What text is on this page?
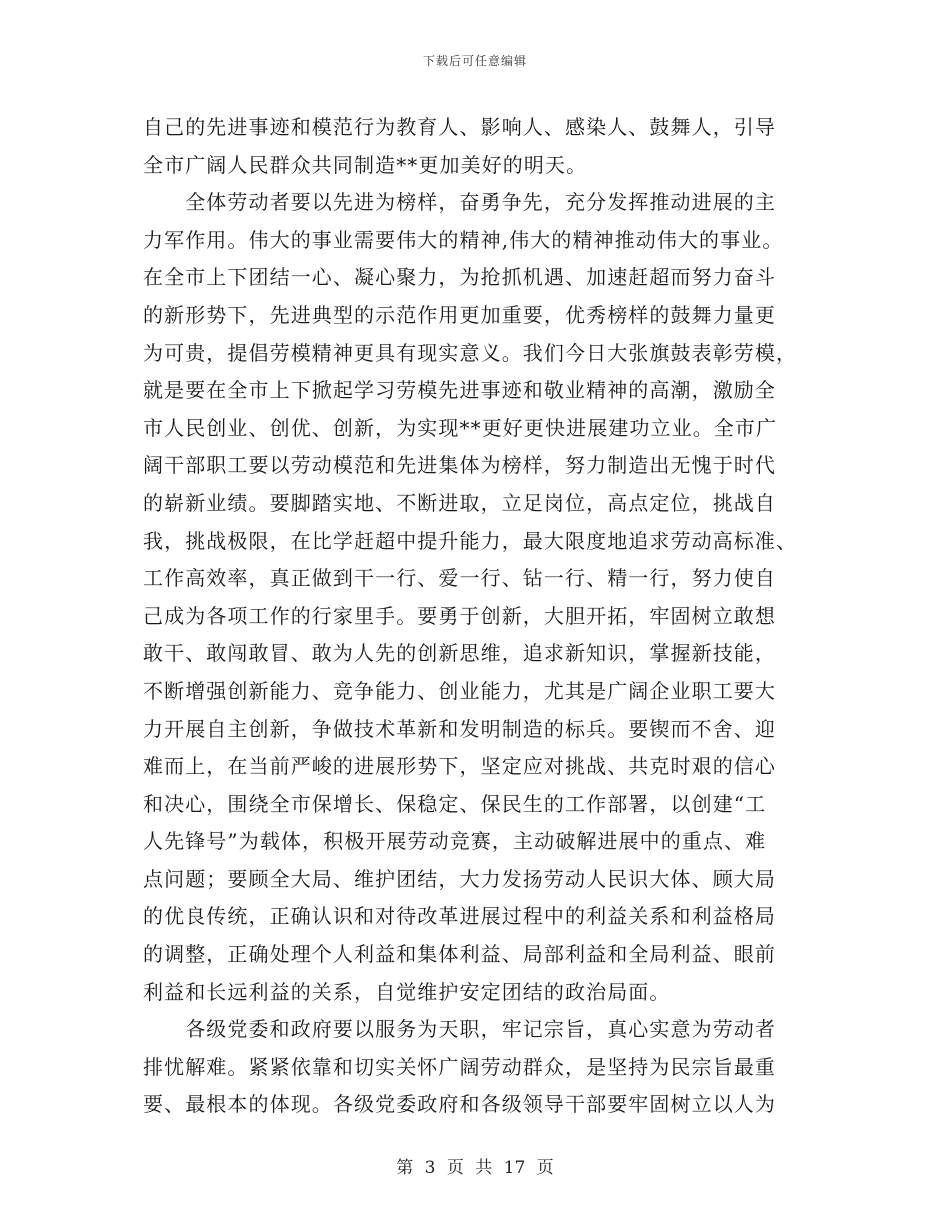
下载后可任意编辑
自己的先进事迹和模范行为教育人、影响人、感染人、鼓舞人，引导
全市广阔人民群众共同制造**更加美好的明天。
　　全体劳动者要以先进为榜样，奋勇争先，充分发挥推动进展的主
力军作用。伟大的事业需要伟大的精神,伟大的精神推动伟大的事业。
在全市上下团结一心、凝心聚力，为抢抓机遇、加速赶超而努力奋斗
的新形势下，先进典型的示范作用更加重要，优秀榜样的鼓舞力量更
为可贵，提倡劳模精神更具有现实意义。我们今日大张旗鼓表彰劳模，
就是要在全市上下掀起学习劳模先进事迹和敬业精神的高潮，激励全
市人民创业、创优、创新，为实现**更好更快进展建功立业。全市广
阔干部职工要以劳动模范和先进集体为榜样，努力制造出无愧于时代
的崭新业绩。要脚踏实地、不断进取，立足岗位，高点定位，挑战自
我，挑战极限，在比学赶超中提升能力，最大限度地追求劳动高标准、
工作高效率，真正做到干一行、爱一行、钻一行、精一行，努力使自
己成为各项工作的行家里手。要勇于创新，大胆开拓，牢固树立敢想
敢干、敢闯敢冒、敢为人先的创新思维，追求新知识，掌握新技能，
不断增强创新能力、竞争能力、创业能力，尤其是广阔企业职工要大
力开展自主创新，争做技术革新和发明制造的标兵。要锲而不舍、迎
难而上，在当前严峻的进展形势下，坚定应对挑战、共克时艰的信心
和决心，围绕全市保增长、保稳定、保民生的工作部署，以创建“工
人先锋号”为载体，积极开展劳动竞赛，主动破解进展中的重点、难
点问题；要顾全大局、维护团结，大力发扬劳动人民识大体、顾大局
的优良传统，正确认识和对待改革进展过程中的利益关系和利益格局
的调整，正确处理个人利益和集体利益、局部利益和全局利益、眼前
利益和长远利益的关系，自觉维护安定团结的政治局面。
　　各级党委和政府要以服务为天职，牢记宗旨，真心实意为劳动者
排忧解难。紧紧依靠和切实关怀广阔劳动群众，是坚持为民宗旨最重
要、最根本的体现。各级党委政府和各级领导干部要牢固树立以人为
第 3 页 共 17 页
